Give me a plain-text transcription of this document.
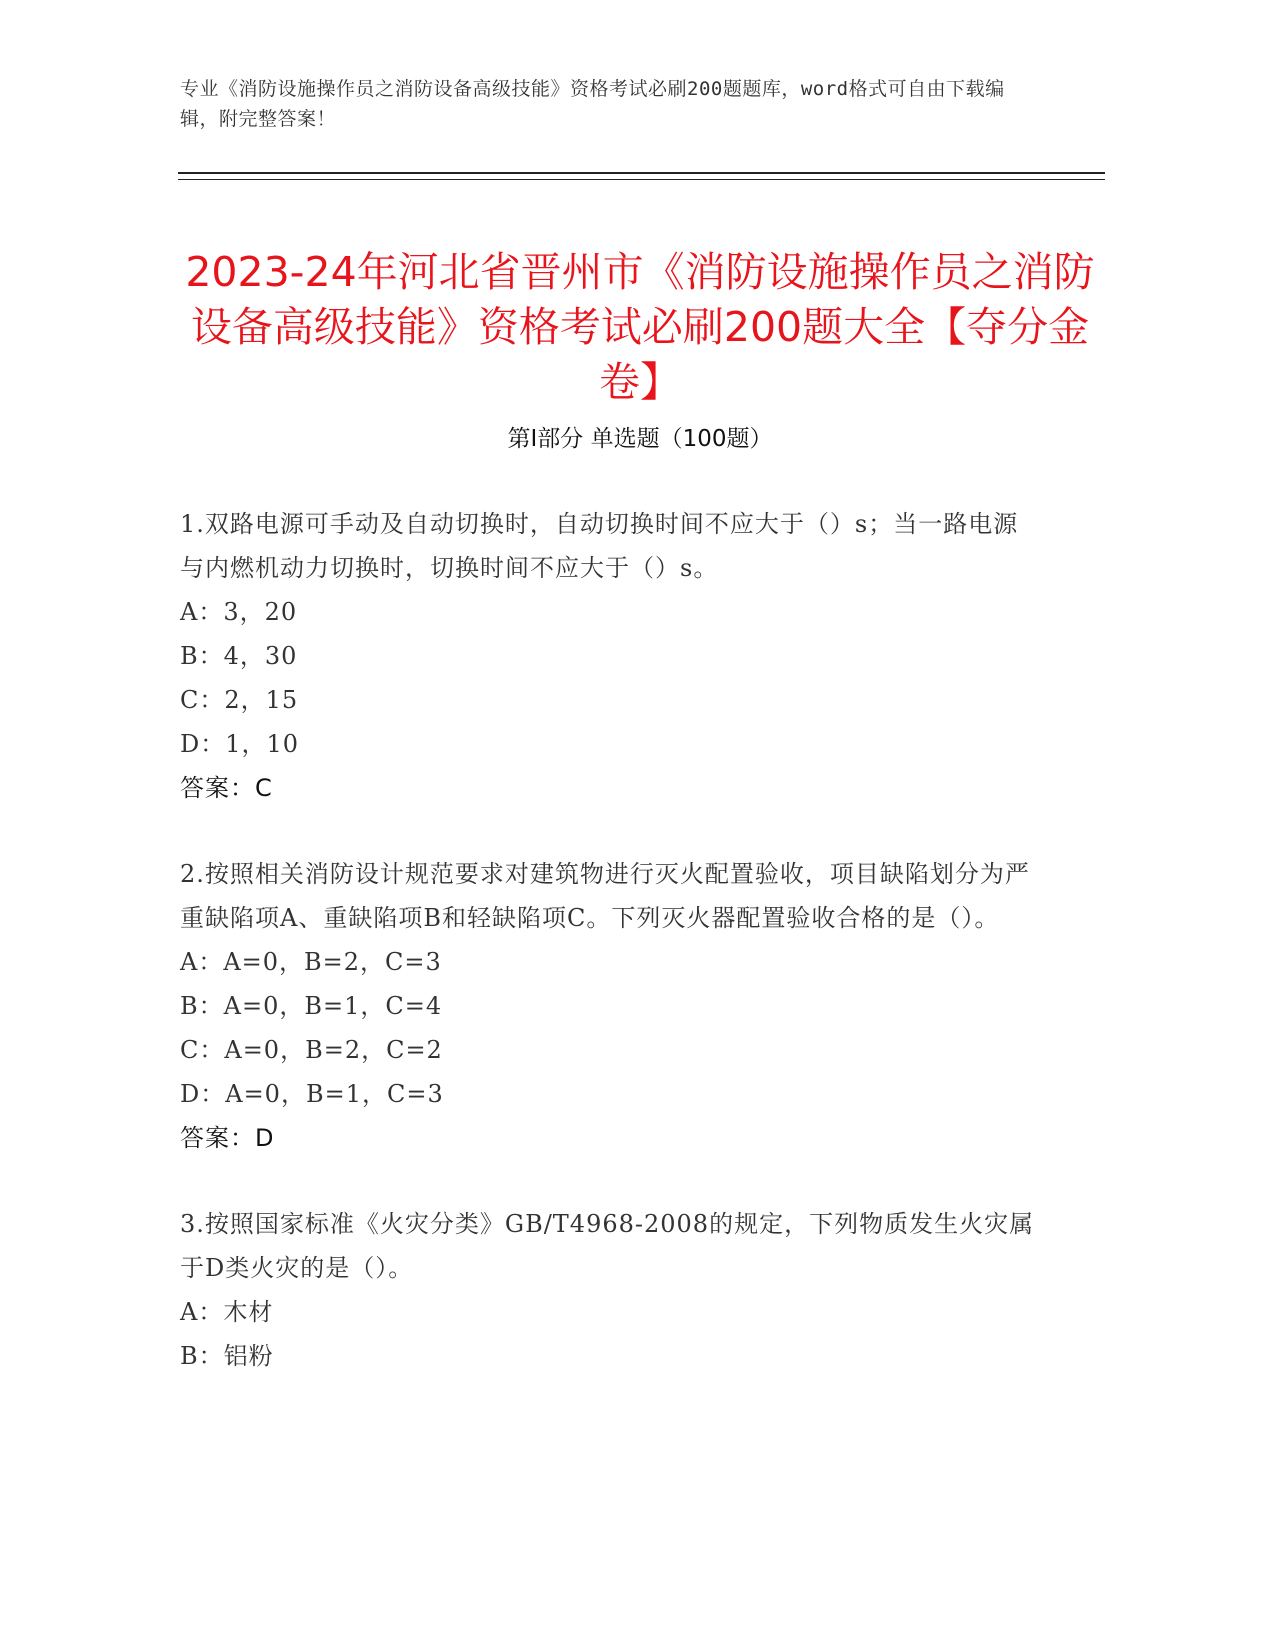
专业《消防设施操作员之消防设备高级技能》资格考试必刷200题题库，word格式可自由下载编辑，附完整答案！
2023-24年河北省晋州市《消防设施操作员之消防设备高级技能》资格考试必刷200题大全【夺分金卷】
第I部分 单选题（100题）

1.双路电源可手动及自动切换时，自动切换时间不应大于（）s；当一路电源与内燃机动力切换时，切换时间不应大于（）s。

A：3，20

B：4，30

C：2，15

D：1，10

答案：C

2.按照相关消防设计规范要求对建筑物进行灭火配置验收，项目缺陷划分为严重缺陷项A、重缺陷项B和轻缺陷项C。下列灭火器配置验收合格的是（）。

A：A=0，B=2，C=3

B：A=0，B=1，C=4

C：A=0，B=2，C=2

D：A=0，B=1，C=3

答案：D

3.按照国家标准《火灾分类》GB/T4968-2008的规定，下列物质发生火灾属于D类火灾的是（）。

A：木材

B：铝粉
